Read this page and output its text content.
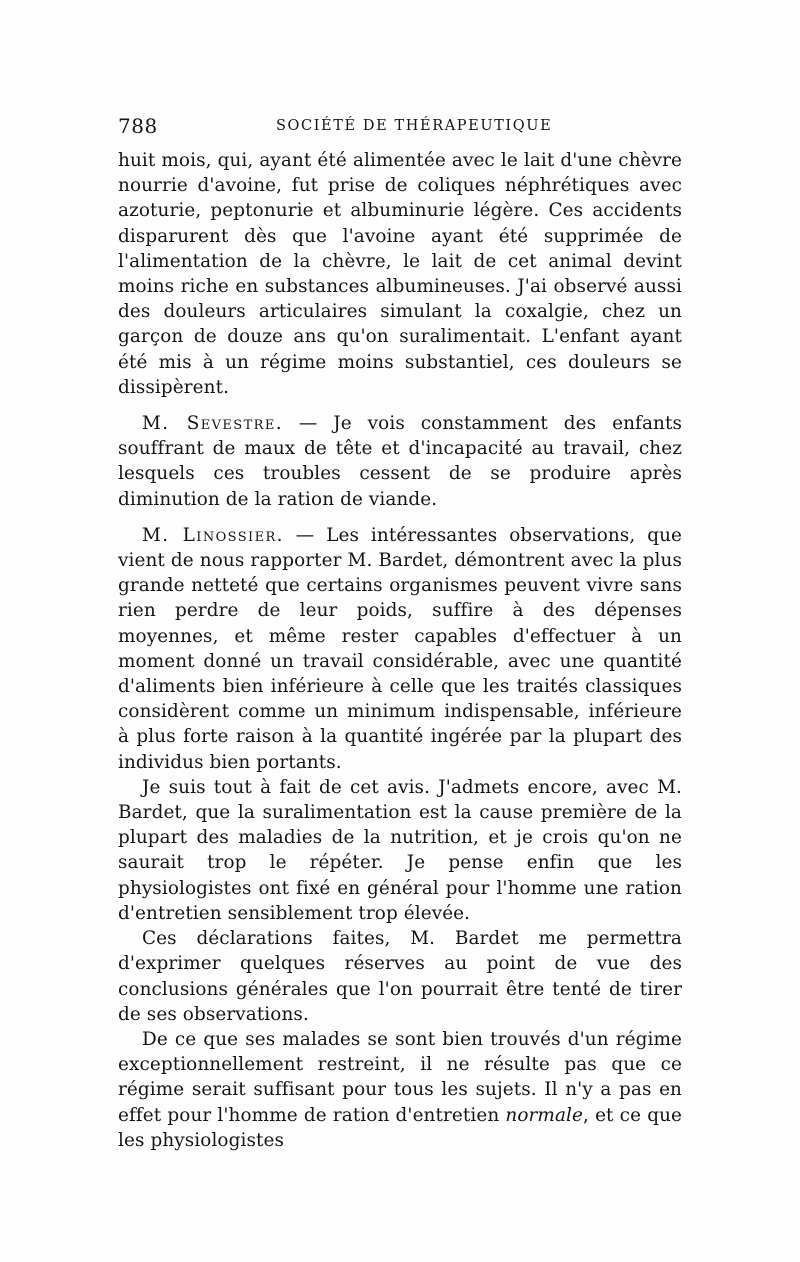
788	SOCIÉTÉ DE THÉRAPEUTIQUE

huit mois, qui, ayant été alimentée avec le lait d'une chèvre nourrie d'avoine, fut prise de coliques néphrétiques avec azoturie, peptonurie et albuminurie légère. Ces accidents disparurent dès que l'avoine ayant été supprimée de l'alimentation de la chèvre, le lait de cet animal devint moins riche en substances albumineuses. J'ai observé aussi des douleurs articulaires simulant la coxalgie, chez un garçon de douze ans qu'on suralimentait. L'enfant ayant été mis à un régime moins substantiel, ces douleurs se dissipèrent.

M. Sevestre. — Je vois constamment des enfants souffrant de maux de tête et d'incapacité au travail, chez lesquels ces troubles cessent de se produire après diminution de la ration de viande.

M. Linossier. — Les intéressantes observations, que vient de nous rapporter M. Bardet, démontrent avec la plus grande netteté que certains organismes peuvent vivre sans rien perdre de leur poids, suffire à des dépenses moyennes, et même rester capables d'effectuer à un moment donné un travail considérable, avec une quantité d'aliments bien inférieure à celle que les traités classiques considèrent comme un minimum indispensable, inférieure à plus forte raison à la quantité ingérée par la plupart des individus bien portants.

Je suis tout à fait de cet avis. J'admets encore, avec M. Bardet, que la suralimentation est la cause première de la plupart des maladies de la nutrition, et je crois qu'on ne saurait trop le répéter. Je pense enfin que les physiologistes ont fixé en général pour l'homme une ration d'entretien sensiblement trop élevée.

Ces déclarations faites, M. Bardet me permettra d'exprimer quelques réserves au point de vue des conclusions générales que l'on pourrait être tenté de tirer de ses observations.

De ce que ses malades se sont bien trouvés d'un régime exceptionnellement restreint, il ne résulte pas que ce régime serait suffisant pour tous les sujets. Il n'y a pas en effet pour l'homme de ration d'entretien normale, et ce que les physiologistes
